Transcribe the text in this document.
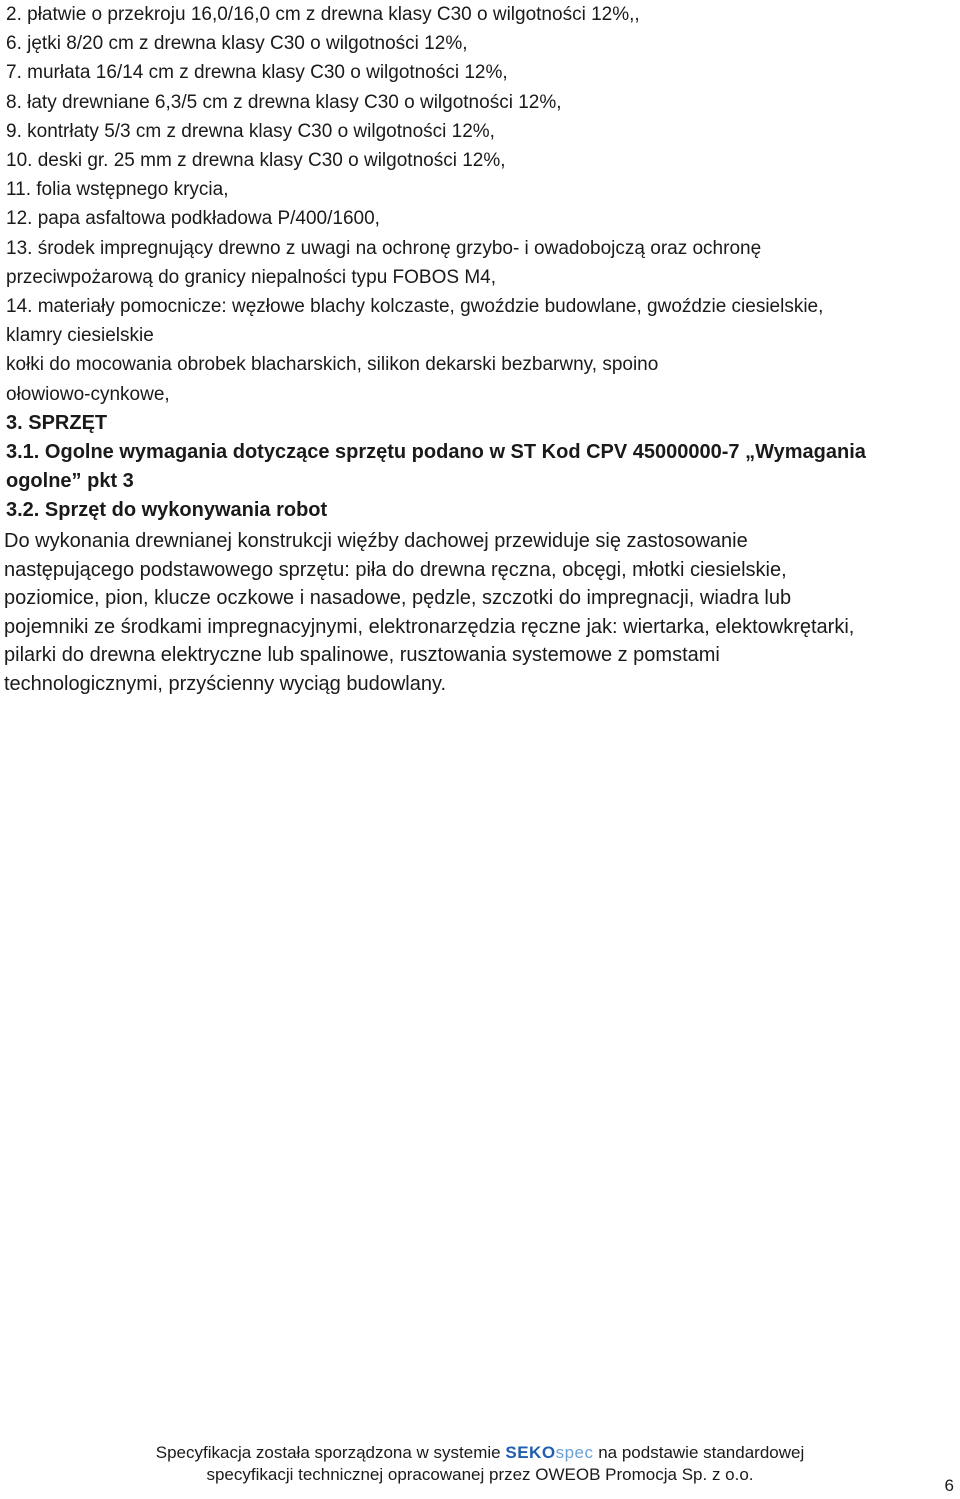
2. płatwie o przekroju 16,0/16,0 cm z drewna klasy C30 o wilgotności 12%,,
6. jętki 8/20 cm z drewna klasy C30 o wilgotności 12%,
7. murłata 16/14 cm z drewna klasy C30 o wilgotności 12%,
8. łaty drewniane 6,3/5 cm z drewna klasy C30 o wilgotności 12%,
9. kontrłaty 5/3 cm z drewna klasy C30 o wilgotności 12%,
10. deski gr. 25 mm z drewna klasy C30 o wilgotności 12%,
11. folia wstępnego krycia,
12. papa asfaltowa podkładowa P/400/1600,
13. środek impregnujący drewno z uwagi na ochronę grzybo- i owadobojczą oraz ochronę
przeciwpożarową do granicy niepalności typu FOBOS M4,
14. materiały pomocnicze: węzłowe blachy kolczaste, gwoździe budowlane, gwoździe ciesielskie,
klamry ciesielskie
kołki do mocowania obrobek blacharskich, silikon dekarski bezbarwny, spoino
ołowiowo-cynkowe,
3. SPRZĘT
3.1. Ogolne wymagania dotyczące sprzętu podano w ST Kod CPV 45000000-7 „Wymagania
ogolne” pkt 3
3.2. Sprzęt do wykonywania robot
Do wykonania drewnianej konstrukcji więźby dachowej przewiduje się zastosowanie
następującego podstawowego sprzętu: piła do drewna ręczna, obcęgi, młotki ciesielskie,
poziomice, pion, klucze oczkowe i nasadowe, pędzle, szczotki do impregnacji, wiadra lub
pojemniki ze środkami impregnacyjnymi, elektronarzędzia ręczne jak: wiertarka, elektowkrętarki,
pilarki do drewna elektryczne lub spalinowe, rusztowania systemowe z pomstami
technologicznymi, przyścienny wyciąg budowlany.
Specyfikacja została sporządzona w systemie SEKOspec na podstawie standardowej
specyfikacji technicznej opracowanej przez OWEOB Promocja Sp. z o.o.
6
